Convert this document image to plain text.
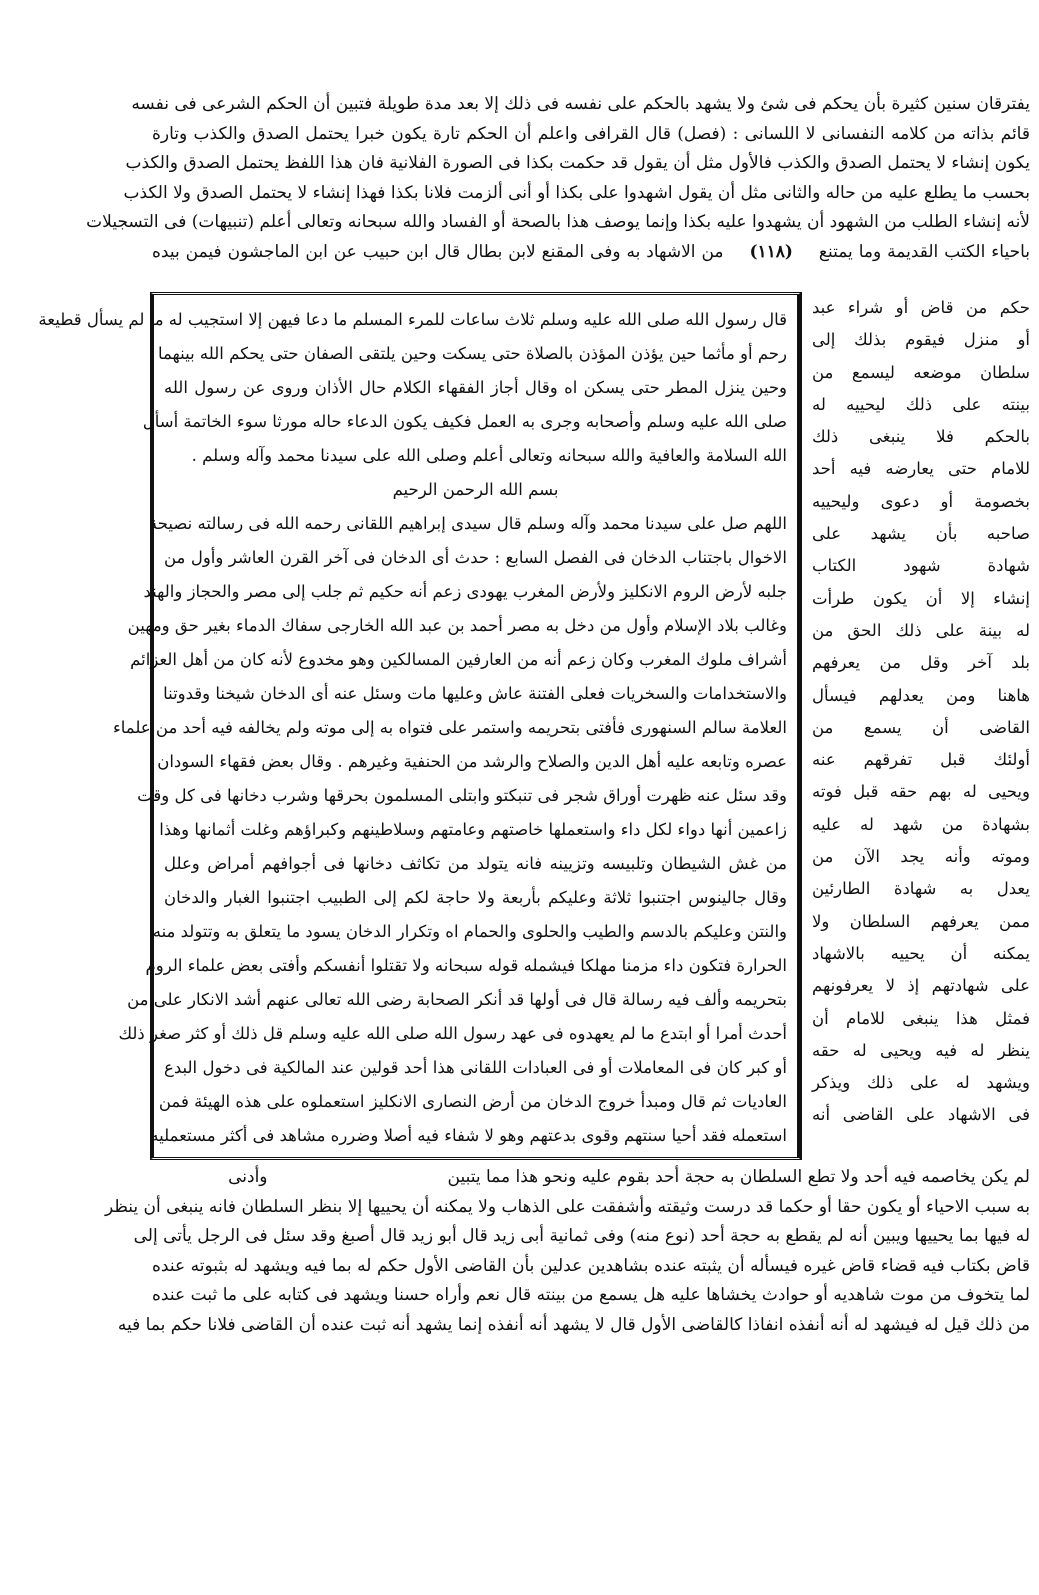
يفترقان سنين كثيرة بأن يحكم فى شئ ولا يشهد بالحكم على نفسه فى ذلك إلا بعد مدة طويلة فتبين أن الحكم الشرعى فى نفسه
قائم بذاته من كلامه النفسانى لا اللسانى : (فصل) قال القرافى واعلم أن الحكم تارة يكون خبرا يحتمل الصدق والكذب وتارة
يكون إنشاء لا يحتمل الصدق والكذب فالأول مثل أن يقول قد حكمت بكذا فى الصورة الفلانية فان هذا اللفظ يحتمل الصدق والكذب
بحسب ما يطلع عليه من حاله والثانى مثل أن يقول اشهدوا على بكذا أو أنى ألزمت فلانا بكذا فهذا إنشاء لا يحتمل الصدق ولا الكذب
لأنه إنشاء الطلب من الشهود أن يشهدوا عليه بكذا وإنما يوصف هذا بالصحة أو الفساد والله سبحانه وتعالى أعلم (تنبيهات) فى التسجيلات
باحياء الكتب القديمة وما يمتنع (١١٨) من الاشهاد به وفى المقنع لابن بطال قال ابن حبيب عن ابن الماجشون فيمن بيده
قال رسول الله صلى الله عليه وسلم ثلاث ساعات للمرء المسلم ما دعا فيهن إلا استجيب له ما لم يسأل قطيعة
رحم أو مأثما حين يؤذن المؤذن بالصلاة حتى يسكت وحين يلتقى الصفان حتى يحكم الله بينهما
وحين ينزل المطر حتى يسكن اه وقال أجاز الفقهاء الكلام حال الأذان وروى عن رسول الله
صلى الله عليه وسلم وأصحابه وجرى به العمل فكيف يكون الدعاء حاله مورثا سوء الخاتمة أسأل
الله السلامة والعافية والله سبحانه وتعالى أعلم وصلى الله على سيدنا محمد وآله وسلم .
بسم الله الرحمن الرحيم
اللهم صل على سيدنا محمد وآله وسلم قال سيدى إبراهيم اللقانى رحمه الله فى رسالته نصيحة
الاخوال باجتناب الدخان فى الفصل السابع : حدث أى الدخان فى آخر القرن العاشر وأول من
جلبه لأرض الروم الانكليز ولأرض المغرب يهودى زعم أنه حكيم ثم جلب إلى مصر والحجاز والهند
وغالب بلاد الإسلام وأول من دخل به مصر أحمد بن عبد الله الخارجى سفاك الدماء بغير حق ومهين
أشراف ملوك المغرب وكان زعم أنه من العارفين المسالكين وهو مخدوع لأنه كان من أهل العزائم
والاستخدامات والسخريات فعلى الفتنة عاش وعليها مات وسئل عنه أى الدخان شيخنا وقدوتنا
العلامة سالم السنهورى فأفتى بتحريمه واستمر على فتواه به إلى موته ولم يخالفه فيه أحد من علماء
عصره وتابعه عليه أهل الدين والصلاح والرشد من الحنفية وغيرهم . وقال بعض فقهاء السودان
وقد سئل عنه ظهرت أوراق شجر فى تنبكتو وابتلى المسلمون بحرقها وشرب دخانها فى كل وقت
زاعمين أنها دواء لكل داء واستعملها خاصتهم وعامتهم وسلاطينهم وكبراؤهم وغلت أثمانها وهذا
من غش الشيطان وتلبيسه وتزيينه فانه يتولد من تكاثف دخانها فى أجوافهم أمراض وعلل
وقال جالينوس اجتنبوا ثلاثة وعليكم بأربعة ولا حاجة لكم إلى الطبيب اجتنبوا الغبار والدخان
والنتن وعليكم بالدسم والطيب والحلوى والحمام اه وتكرار الدخان يسود ما يتعلق به وتتولد منه
الحرارة فتكون داء مزمنا مهلكا فيشمله قوله سبحانه ولا تقتلوا أنفسكم وأفتى بعض علماء الروم
بتحريمه وألف فيه رسالة قال فى أولها قد أنكر الصحابة رضى الله تعالى عنهم أشد الانكار على من
أحدث أمرا أو ابتدع ما لم يعهدوه فى عهد رسول الله صلى الله عليه وسلم قل ذلك أو كثر صغر ذلك
أو كبر كان فى المعاملات أو فى العبادات اللقانى هذا أحد قولين عند المالكية فى دخول البدع
العاديات ثم قال ومبدأ خروج الدخان من أرض النصارى الانكليز استعملوه على هذه الهيئة فمن
استعمله فقد أحيا سنتهم وقوى بدعتهم وهو لا شفاء فيه أصلا وضرره مشاهد فى أكثر مستعمليه
حكم من قاض أو شراء عبد
أو منزل فيقوم بذلك إلى
سلطان موضعه ليسمع من
بينته على ذلك ليحييه له
بالحكم فلا ينبغى ذلك
للامام حتى يعارضه فيه أحد
بخصومة أو دعوى وليحييه
صاحبه بأن يشهد على
شهادة شهود الكتاب
إنشاء إلا أن يكون طرأت
له بينة على ذلك الحق من
بلد آخر وقل من يعرفهم
هاهنا ومن يعدلهم فيسأل
القاضى أن يسمع من
أولئك قبل تفرقهم عنه
ويحيى له بهم حقه قبل فوته
بشهادة من شهد له عليه
وموته وأنه يجد الآن من
يعدل به شهادة الطارئين
ممن يعرفهم السلطان ولا
يمكنه أن يحييه بالاشهاد
على شهادتهم إذ لا يعرفونهم
فمثل هذا ينبغى للامام أن
ينظر له فيه ويحيى له حقه
ويشهد له على ذلك ويذكر
فى الاشهاد على القاضى أنه
لم يكن يخاصمه فيه أحد ولا تطع السلطان به حجة أحد بقوم عليه ونحو هذا مما يتبينوأدنى
به سبب الاحياء أو يكون حقا أو حكما قد درست وثيقته وأشفقت على الذهاب ولا يمكنه أن يحييها إلا بنظر السلطان فانه ينبغى أن ينظر
له فيها بما يحييها ويبين أنه لم يقطع به حجة أحد (نوع منه) وفى ثمانية أبى زيد قال أبو زيد قال أصبغ وقد سئل فى الرجل يأتى إلى
قاض بكتاب فيه قضاء قاض غيره فيسأله أن يثبته عنده بشاهدين عدلين بأن القاضى الأول حكم له بما فيه ويشهد له بثبوته عنده
لما يتخوف من موت شاهديه أو حوادث يخشاها عليه هل يسمع من بينته قال نعم وأراه حسنا ويشهد فى كتابه على ما ثبت عنده
من ذلك قيل له فيشهد له أنه أنفذه انفاذا كالقاضى الأول قال لا يشهد أنه أنفذه إنما يشهد أنه ثبت عنده أن القاضى فلانا حكم بما فيه
